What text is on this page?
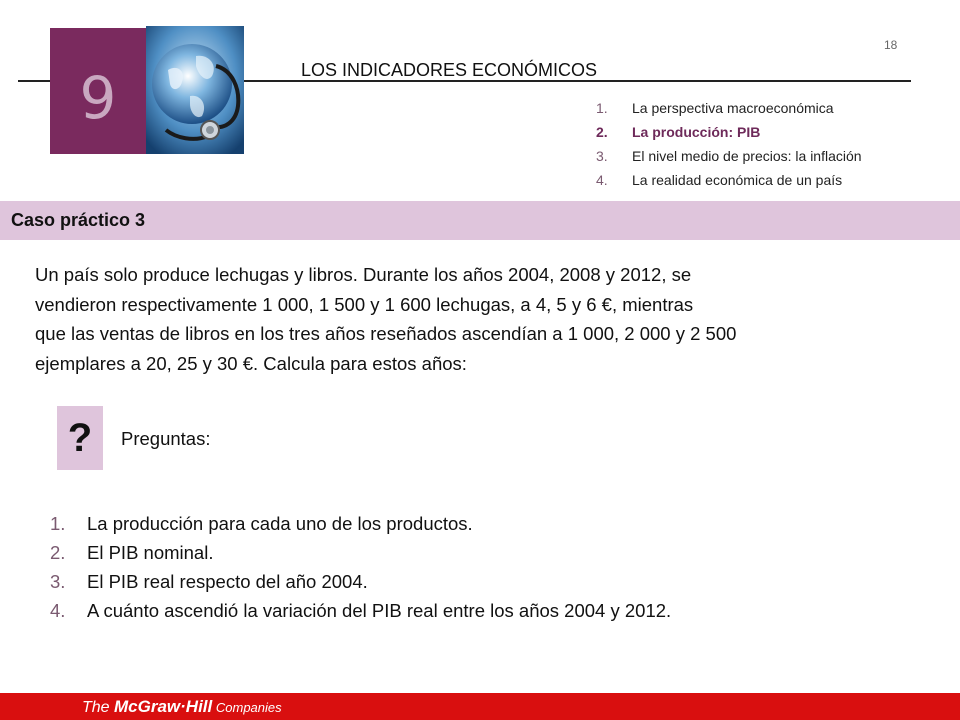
9
18
LOS INDICADORES ECONÓMICOS
1. La perspectiva macroeconómica
2. La producción: PIB
3. El nivel medio de precios: la inflación
4. La realidad económica de un país
Caso práctico 3
Un país solo produce lechugas y libros. Durante los años 2004, 2008 y 2012, se
vendieron respectivamente 1 000, 1 500 y 1 600 lechugas, a 4, 5 y 6 €, mientras
que las ventas de libros en los tres años reseñados ascendían a 1 000, 2 000 y 2 500
ejemplares a 20, 25 y 30 €. Calcula para estos años:
?	Preguntas:
1. La producción para cada uno de los productos.
2. El PIB nominal.
3. El PIB real respecto del año 2004.
4. A cuánto ascendió la variación del PIB real entre los años 2004 y 2012.
The McGraw·Hill Companies
